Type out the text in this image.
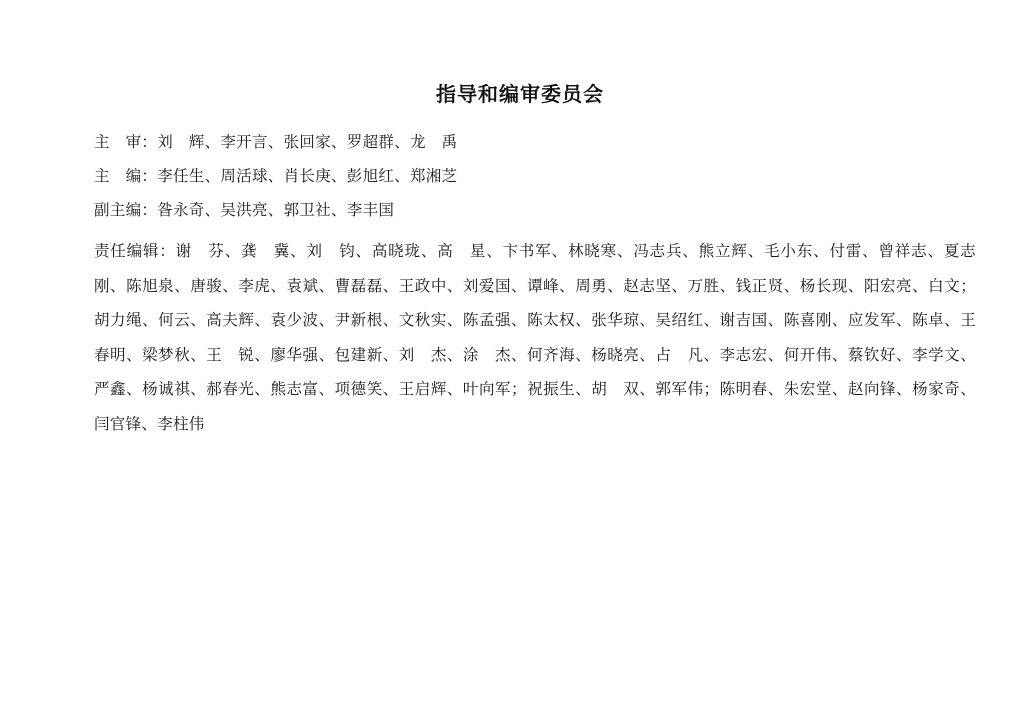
指导和编审委员会
主　审：刘　辉、李开言、张回家、罗超群、龙　禹
主　编：李任生、周活球、肖长庚、彭旭红、郑湘芝
副主编：昝永奇、吴洪亮、郭卫社、李丰国
责任编辑：谢　芬、龚　冀、刘　钧、高晓珑、高　星、卞书军、林晓寒、冯志兵、熊立辉、毛小东、付雷、曾祥志、夏志刚、陈旭泉、唐骏、李虎、袁斌、曹磊磊、王政中、刘爱国、谭峰、周勇、赵志坚、万胜、钱正贤、杨长现、阳宏亮、白文；胡力绳、何云、高夫辉、袁少波、尹新根、文秋实、陈孟强、陈太权、张华琼、吴绍红、谢吉国、陈喜刚、应发军、陈卓、王春明、梁梦秋、王　锐、廖华强、包建新、刘　杰、涂　杰、何齐海、杨晓亮、占　凡、李志宏、何开伟、蔡钦好、李学文、严鑫、杨诚祺、郝春光、熊志富、项德笑、王启辉、叶向军；祝振生、胡　双、郭军伟；陈明春、朱宏堂、赵向锋、杨家奇、闫官锋、李柱伟
